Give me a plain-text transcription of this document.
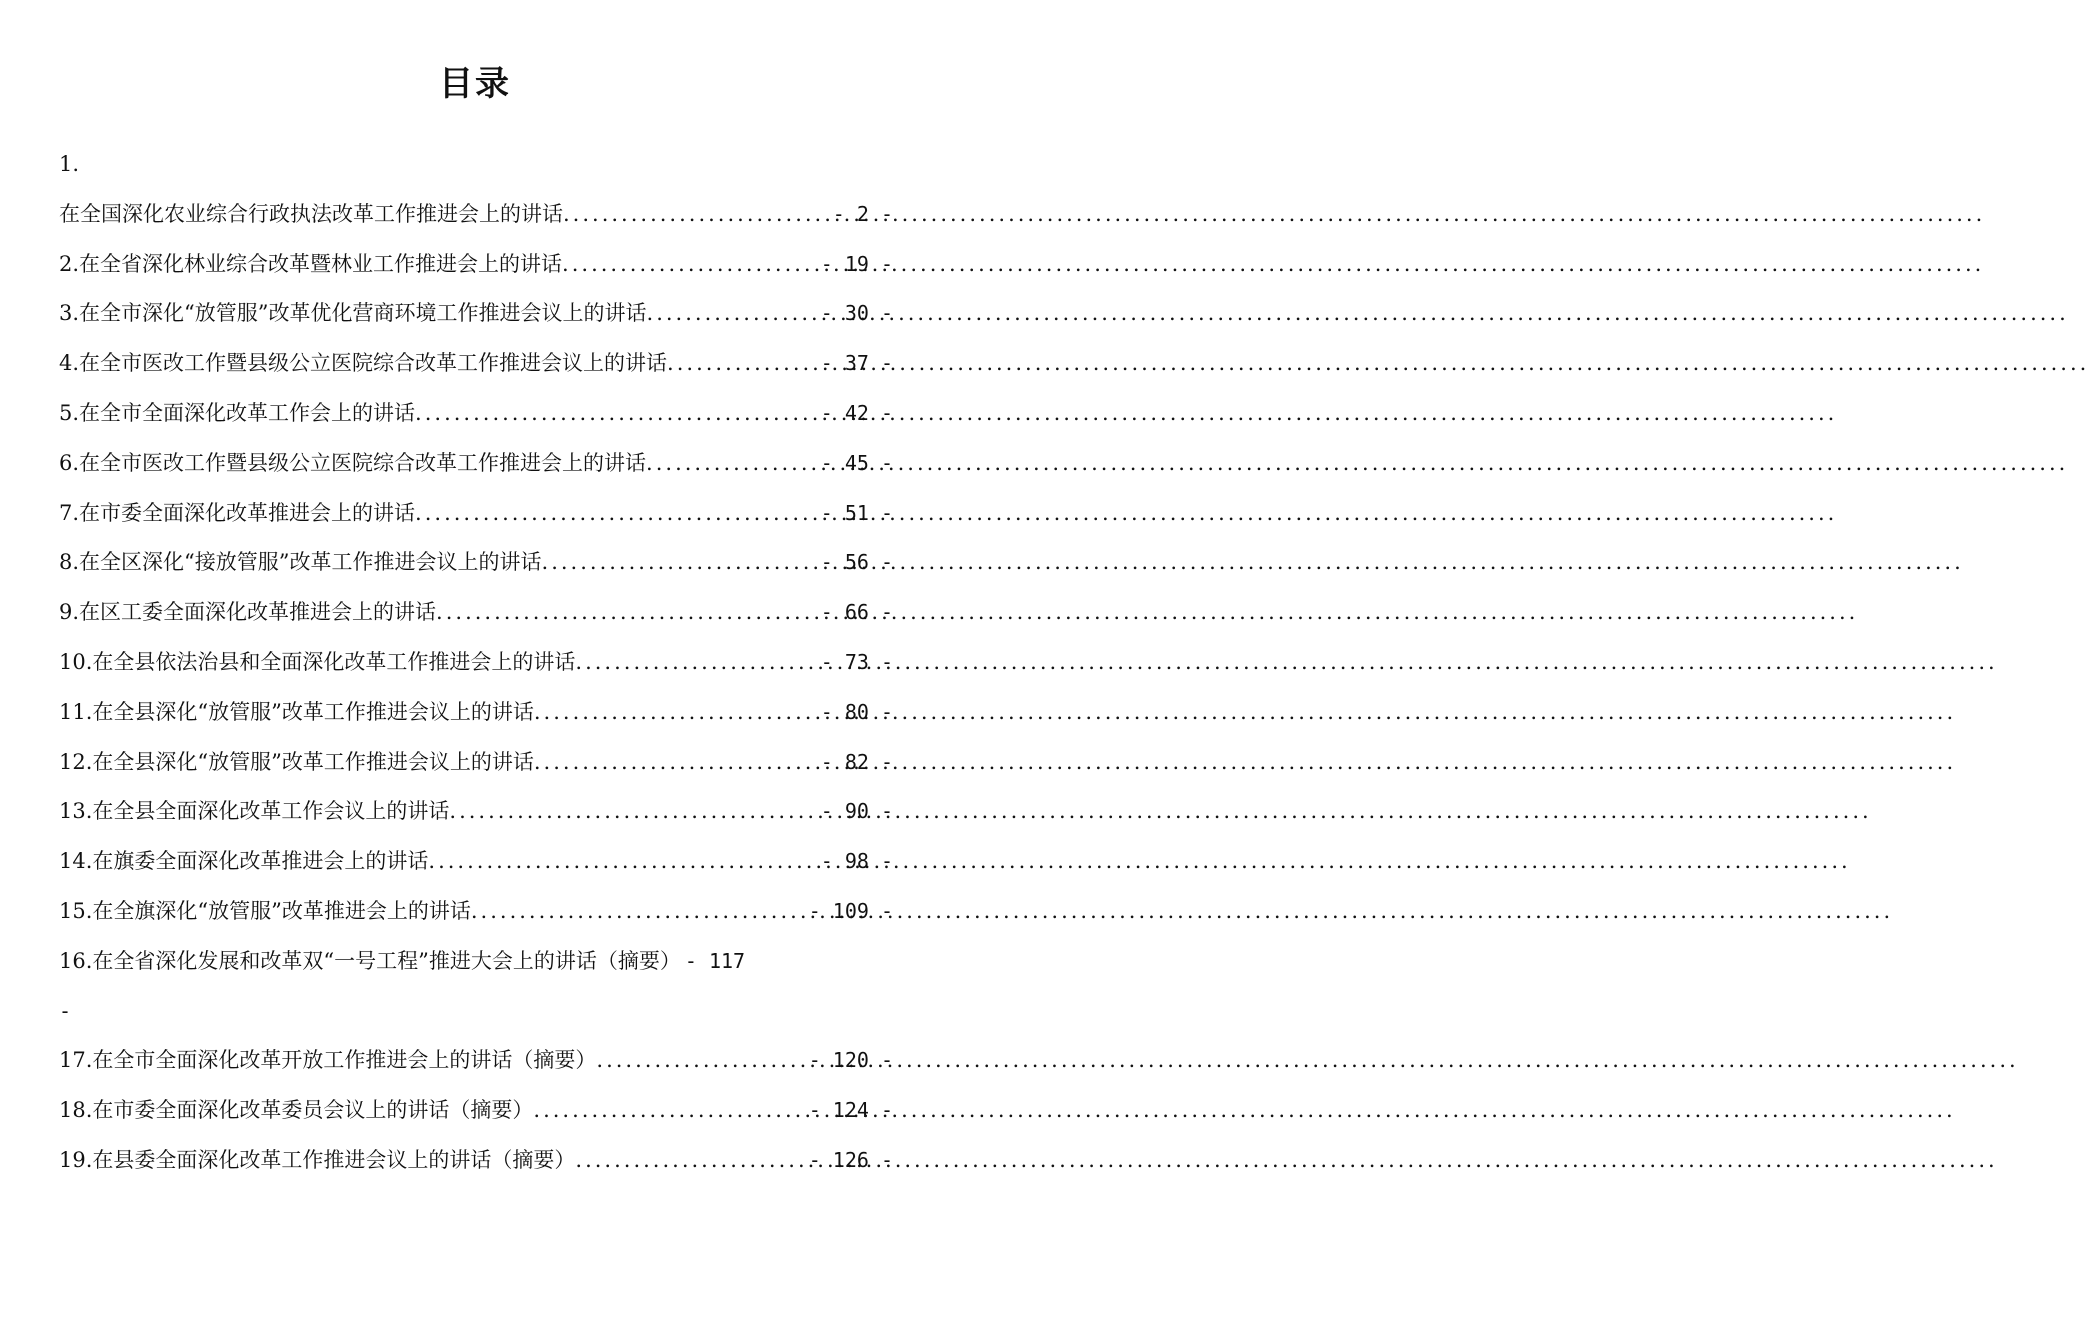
目录
1.
在全国深化农业综合行政执法改革工作推进会上的讲话 .....	- 2 -
2.在全省深化林业综合改革暨林业工作推进会上的讲话 .....	- 19 -
3.在全市深化“放管服”改革优化营商环境工作推进会议上的讲话 .....	- 30 -
4.在全市医改工作暨县级公立医院综合改革工作推进会议上的讲话 .....	- 37 -
5.在全市全面深化改革工作会上的讲话 .....	- 42 -
6.在全市医改工作暨县级公立医院综合改革工作推进会上的讲话 .....	- 45 -
7.在市委全面深化改革推进会上的讲话 .....	- 51 -
8.在全区深化“接放管服”改革工作推进会议上的讲话 .....	- 56 -
9.在区工委全面深化改革推进会上的讲话 .....	- 66 -
10.在全县依法治县和全面深化改革工作推进会上的讲话 .....	- 73 -
11.在全县深化“放管服”改革工作推进会议上的讲话 .....	- 80 -
12.在全县深化“放管服”改革工作推进会议上的讲话 .....	- 82 -
13.在全县全面深化改革工作会议上的讲话 .....	- 90 -
14.在旗委全面深化改革推进会上的讲话 .....	- 98 -
15.在全旗深化“放管服”改革推进会上的讲话 .....	- 109 -
16.在全省深化发展和改革双“一号工程”推进大会上的讲话（摘要） - 117
-
17.在全市全面深化改革开放工作推进会上的讲话（摘要） .....	- 120 -
18.在市委全面深化改革委员会议上的讲话（摘要） .....	- 124 -
19.在县委全面深化改革工作推进会议上的讲话（摘要） .....	- 126 -
